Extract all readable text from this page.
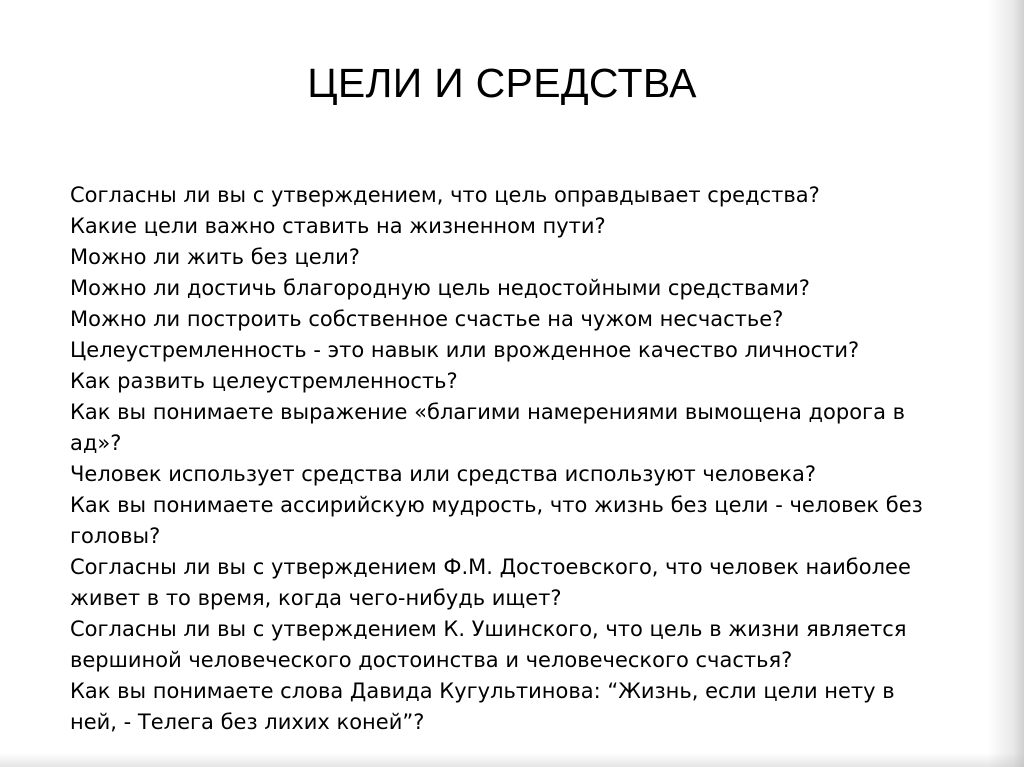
ЦЕЛИ И СРЕДСТВА
Согласны ли вы с утверждением, что цель оправдывает средства?
Какие цели важно ставить на жизненном пути?
Можно ли жить без цели?
Можно ли достичь благородную цель недостойными средствами?
Можно ли построить собственное счастье на чужом несчастье?
Целеустремленность - это навык или врожденное качество личности?
Как развить целеустремленность?
Как вы понимаете выражение «благими намерениями вымощена дорога в ад»?
Человек использует средства или средства используют человека?
Как вы понимаете ассирийскую мудрость, что жизнь без цели - человек без головы?
Согласны ли вы с утверждением Ф.М. Достоевского, что человек наиболее живет в то время, когда чего-нибудь ищет?
Согласны ли вы с утверждением К. Ушинского, что цель в жизни является вершиной человеческого достоинства и человеческого счастья?
Как вы понимаете слова Давида Кугультинова: “Жизнь, если цели нету в ней, - Телега без лихих коней”?
